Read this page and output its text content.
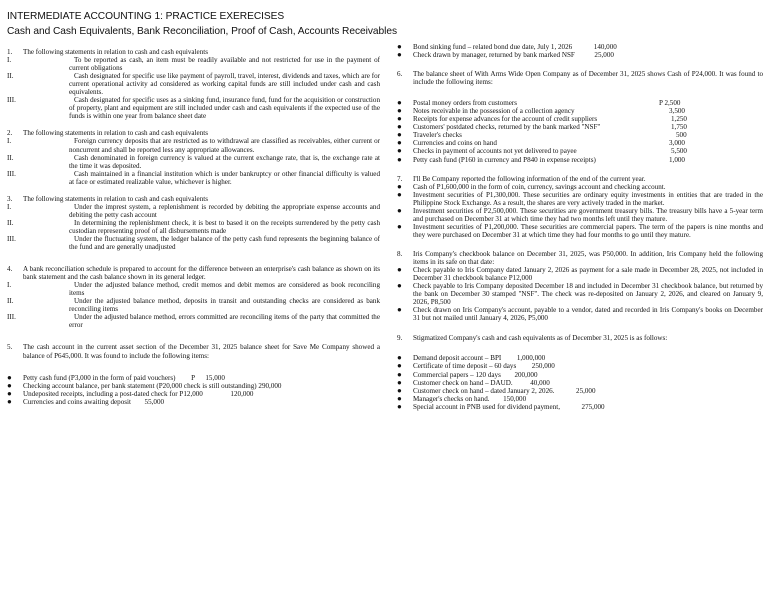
INTERMEDIATE ACCOUNTING 1: PRACTICE EXERECISES
Cash and Cash Equivalents, Bank Reconciliation, Proof of Cash, Accounts Receivables
1. The following statements in relation to cash and cash equivalents
I.	To be reported as cash, an item must be readily available and not restricted for use in the payment of current obligations
II.	Cash designated for specific use like payment of payroll, travel, interest, dividends and taxes, which are for current operational activity ad considered as working capital funds are still included under cash and cash equivalents.
III.	Cash designated for specific uses as a sinking fund, insurance fund, fund for the acquisition or construction of property, plant and equipment are still included under cash and cash equivalents if the expected use of the funds is within one year from balance sheet date
2. The following statements in relation to cash and cash equivalents
I.	Foreign currency deposits that are restricted as to withdrawal are classified as receivables, either current or noncurrent and shall be reported less any appropriate allowances.
II.	Cash denominated in foreign currency is valued at the current exchange rate, that is, the exchange rate at the time it was deposited.
III.	Cash maintained in a financial institution which is under bankruptcy or other financial difficulty is valued at face or estimated realizable value, whichever is higher.
3. The following statements in relation to cash and cash equivalents
I.	Under the imprest system, a replenishment is recorded by debiting the appropriate expense accounts and debiting the petty cash account
II.	In determining the replenishment check, it is best to based it on the receipts surrendered by the petty cash custodian representing proof of all disbursements made
III.	Under the fluctuating system, the ledger balance of the petty cash fund represents the beginning balance of the fund and are generally unadjusted
4. A bank reconciliation schedule is prepared to account for the difference between an enterprise's cash balance as shown on its bank statement and the cash balance shown in its general ledger.
I.	Under the adjusted balance method, credit memos and debit memos are considered as book reconciling items
II.	Under the adjusted balance method, deposits in transit and outstanding checks are considered as bank reconciling items
III.	Under the adjusted balance method, errors committed are reconciling items of the party that committed the error
5. The cash account in the current asset section of the December 31, 2025 balance sheet for Save Me Company showed a balance of P645,000. It was found to include the following items:
● Petty cash fund (P3,000 in the form of paid vouchers) P      15,000
● Checking account balance, per bank statement (P20,000 check is still outstanding) 290,000
● Undeposited receipts, including a post-dated check for P12,000	120,000
● Currencies and coins awaiting deposit 55,000
● Bond sinking fund – related bond due date, July 1, 2026	140,000
● Check drawn by manager, returned by bank marked NSF	25,000
6. The balance sheet of With Arms Wide Open Company as of December 31, 2025 shows Cash of P24,000. It was found to include the following items:
● Postal money orders from customers	P 2,500
● Notes receivable in the possession of a collection agency	3,500
● Receipts for expense advances for the account of credit suppliers	1,250
● Customers' postdated checks, returned by the bank marked "NSF"	1,750
● Traveler's checks	500
● Currencies and coins on hand	3,000
● Checks in payment of accounts not yet delivered to payee	5,500
● Petty cash fund (P160 in currency and P840 in expense receipts)	1,000
7. I'll Be Company reported the following information of the end of the current year.
● Cash of P1,600,000 in the form of coin, currency, savings account and checking account.
● Investment securities of P1,300,000. These securities are ordinary equity investments in entities that are traded in the Philippine Stock Exchange. As a result, the shares are very actively traded in the market.
● Investment securities of P2,500,000. These securities are government treasury bills. The treasury bills have a 5-year term and purchased on December 31 at which time they had two months left until they mature.
● Investment securities of P1,200,000. These securities are commercial papers. The term of the papers is nine months and they were purchased on December 31 at which time they had four months to go until they mature.
8. Iris Company's checkbook balance on December 31, 2025, was P50,000. In addition, Iris Company held the following items in its safe on that date:
● Check payable to Iris Company dated January 2, 2026 as payment for a sale made in December 28, 2025, not included in December 31 checkbook balance P12,000
● Check payable to Iris Company deposited December 18 and included in December 31 checkbook balance, but returned by the bank on December 30 stamped "NSF". The check was re-deposited on January 2, 2026, and cleared on January 9, 2026, P8,500
● Check drawn on Iris Company's account, payable to a vendor, dated and recorded in Iris Company's books on December 31 but not mailed until January 4, 2026, P5,000
9. Stigmatized Company's cash and cash equivalents as of December 31, 2025 is as follows:
● Demand deposit account – BPI 1,000,000
● Certificate of time deposit – 60 days 250,000
● Commercial papers – 120 days 200,000
● Customer check on hand – DAUD. 40,000
● Customer check on hand – dated January 2, 2026.	25,000
● Manager's checks on hand. 150,000
● Special account in PNB used for dividend payment,	275,000
